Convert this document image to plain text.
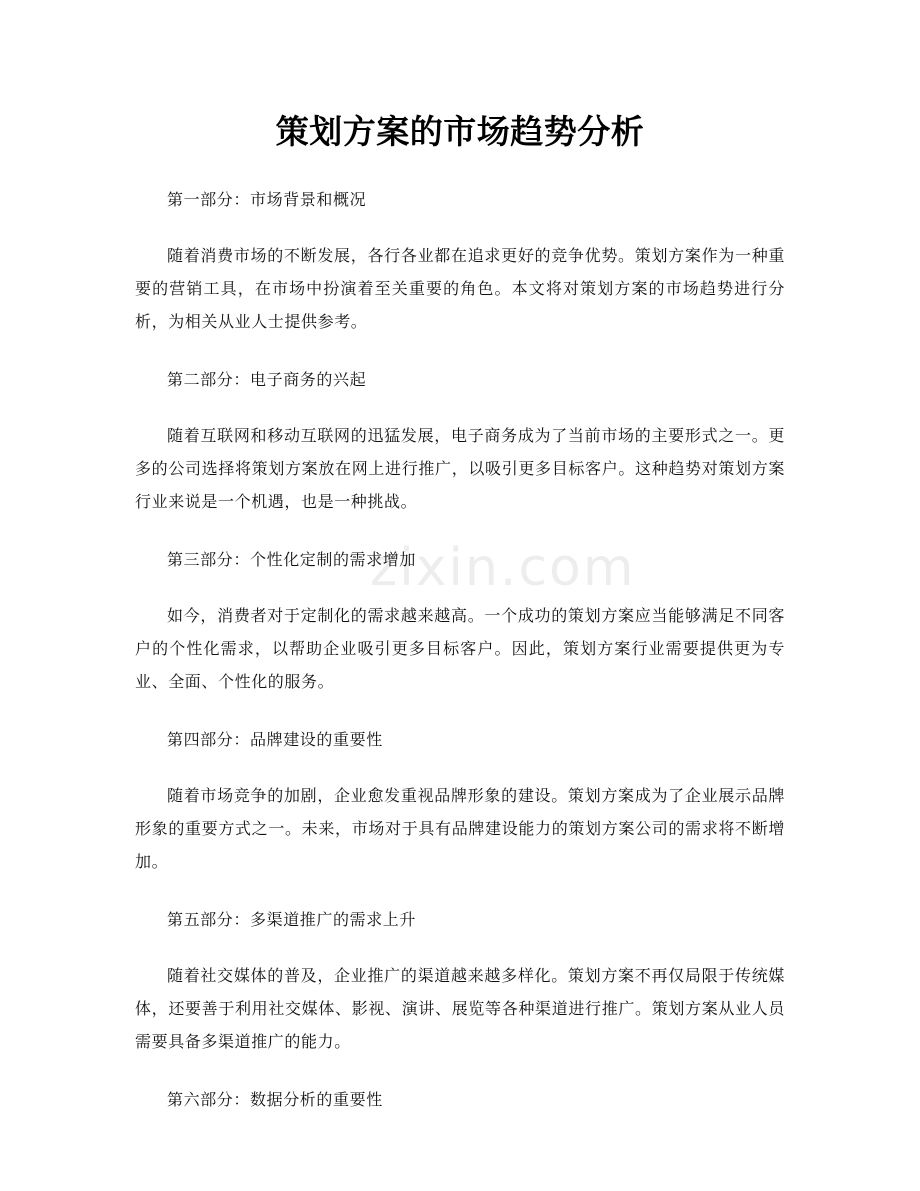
策划方案的市场趋势分析
zixin.com

第一部分：市场背景和概况

随着消费市场的不断发展，各行各业都在追求更好的竞争优势。策划方案作为一种重要的营销工具，在市场中扮演着至关重要的角色。本文将对策划方案的市场趋势进行分析，为相关从业人士提供参考。

第二部分：电子商务的兴起

随着互联网和移动互联网的迅猛发展，电子商务成为了当前市场的主要形式之一。更多的公司选择将策划方案放在网上进行推广，以吸引更多目标客户。这种趋势对策划方案行业来说是一个机遇，也是一种挑战。

第三部分：个性化定制的需求增加

如今，消费者对于定制化的需求越来越高。一个成功的策划方案应当能够满足不同客户的个性化需求，以帮助企业吸引更多目标客户。因此，策划方案行业需要提供更为专业、全面、个性化的服务。

第四部分：品牌建设的重要性

随着市场竞争的加剧，企业愈发重视品牌形象的建设。策划方案成为了企业展示品牌形象的重要方式之一。未来，市场对于具有品牌建设能力的策划方案公司的需求将不断增加。

第五部分：多渠道推广的需求上升

随着社交媒体的普及，企业推广的渠道越来越多样化。策划方案不再仅局限于传统媒体，还要善于利用社交媒体、影视、演讲、展览等各种渠道进行推广。策划方案从业人员需要具备多渠道推广的能力。

第六部分：数据分析的重要性
